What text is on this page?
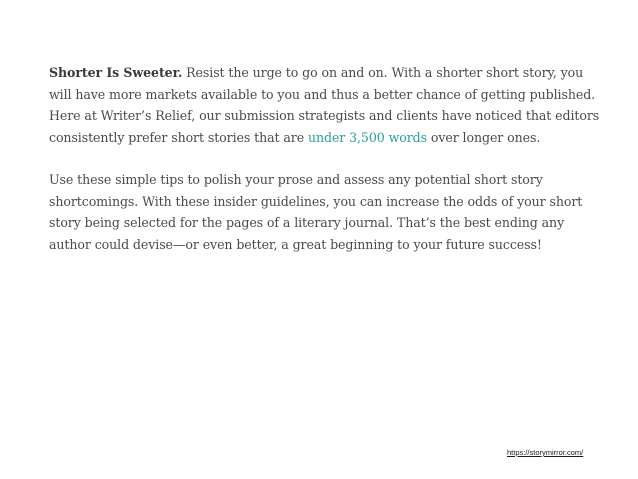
Shorter Is Sweeter. Resist the urge to go on and on. With a shorter short story, you will have more markets available to you and thus a better chance of getting published. Here at Writer’s Relief, our submission strategists and clients have noticed that editors consistently prefer short stories that are under 3,500 words over longer ones.

Use these simple tips to polish your prose and assess any potential short story shortcomings. With these insider guidelines, you can increase the odds of your short story being selected for the pages of a literary journal. That’s the best ending any author could devise—or even better, a great beginning to your future success!

https://storymirror.com/
